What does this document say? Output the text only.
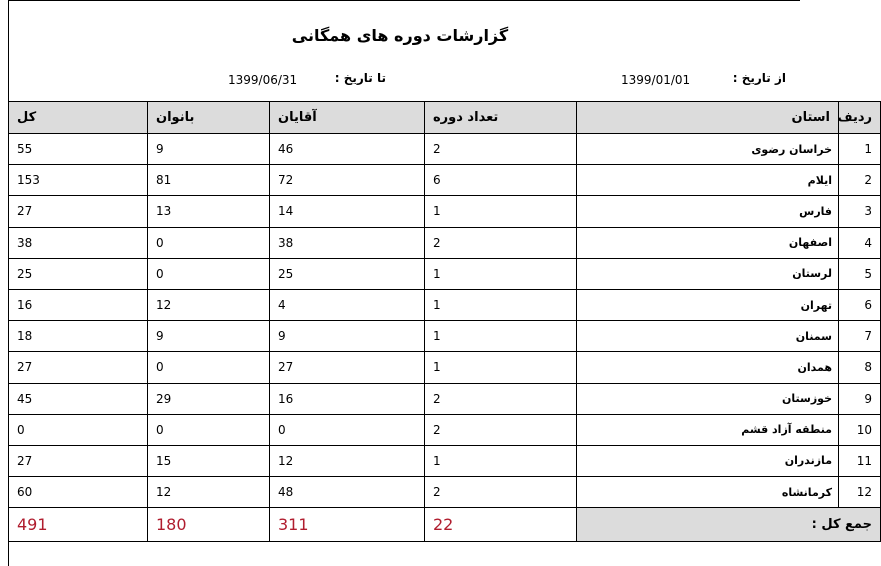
گزارشات دوره های همگانی
از تاریخ :
1399/01/01
تا تاریخ :
1399/06/31
ردیف	استان	تعداد دوره	آقایان	بانوان	کل
1	خراسان رضوی	2	46	9	55
2	ایلام	6	72	81	153
3	فارس	1	14	13	27
4	اصفهان	2	38	0	38
5	لرستان	1	25	0	25
6	تهران	1	4	12	16
7	سمنان	1	9	9	18
8	همدان	1	27	0	27
9	خوزستان	2	16	29	45
10	منطقه آزاد قشم	2	0	0	0
11	مازندران	1	12	15	27
12	کرمانشاه	2	48	12	60
جمع کل :		22	311	180	491
